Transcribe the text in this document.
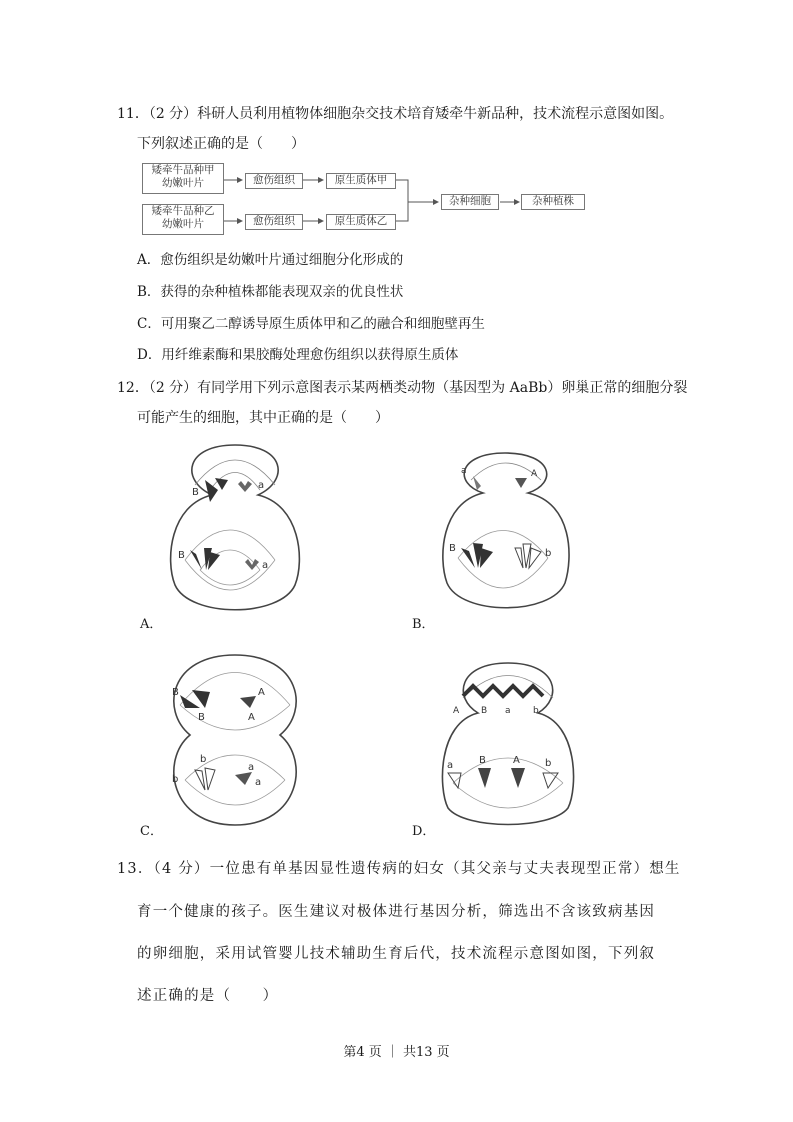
11．（2 分）科研人员利用植物体细胞杂交技术培育矮牵牛新品种，技术流程示意图如图。
下列叙述正确的是（　　）
矮牵牛品种甲
幼嫩叶片	愈伤组织	原生质体甲
矮牵牛品种乙
幼嫩叶片	愈伤组织	原生质体乙
杂种细胞	杂种植株
A．愈伤组织是幼嫩叶片通过细胞分化形成的
B．获得的杂种植株都能表现双亲的优良性状
C．可用聚乙二醇诱导原生质体甲和乙的融合和细胞壁再生
D．用纤维素酶和果胶酶处理愈伤组织以获得原生质体
12．（2 分）有同学用下列示意图表示某两栖类动物（基因型为 AaBb）卵巢正常的细胞分裂
可能产生的细胞，其中正确的是（　　）
B
a
B
a
A．
a	A
B	b
B．
B	A
B	A
b
b
a
a
C．
A B a b
a	B	A	b
D．
13．（4 分）一位患有单基因显性遗传病的妇女（其父亲与丈夫表现型正常）想生
育一个健康的孩子。医生建议对极体进行基因分析，筛选出不含该致病基因
的卵细胞，采用试管婴儿技术辅助生育后代，技术流程示意图如图，下列叙
述正确的是（　　）
第4 页 ｜ 共13 页
